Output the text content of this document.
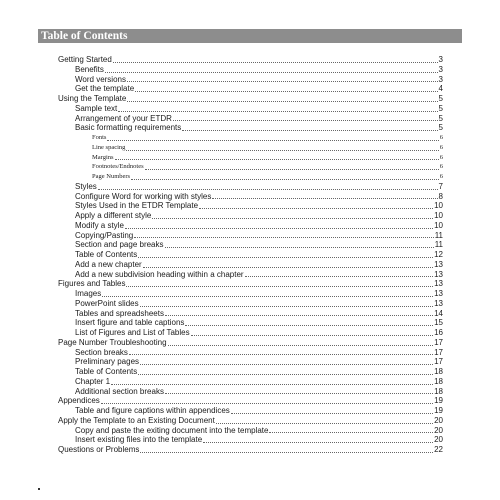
Table of Contents
Getting Started	3
Benefits	3
Word versions	3
Get the template	4
Using the Template	5
Sample text	5
Arrangement of your ETDR	5
Basic formatting requirements	5
Fonts	6
Line spacing	6
Margins	6
Footnotes/Endnotes	6
Page Numbers	6
Styles	7
Configure Word for working with styles	8
Styles Used in the ETDR Template	10
Apply a different style	10
Modify a style	10
Copying/Pasting	11
Section and page breaks	11
Table of Contents	12
Add a new chapter	13
Add a new subdivision heading within a chapter	13
Figures and Tables	13
Images	13
PowerPoint slides	13
Tables and spreadsheets	14
Insert figure and table captions	15
List of Figures and List of Tables	16
Page Number Troubleshooting	17
Section breaks	17
Preliminary pages	17
Table of Contents	18
Chapter 1	18
Additional section breaks	18
Appendices	19
Table and figure captions within appendices	19
Apply the Template to an Existing Document	20
Copy and paste the exiting document into the template	20
Insert existing files into the template	20
Questions or Problems	22
